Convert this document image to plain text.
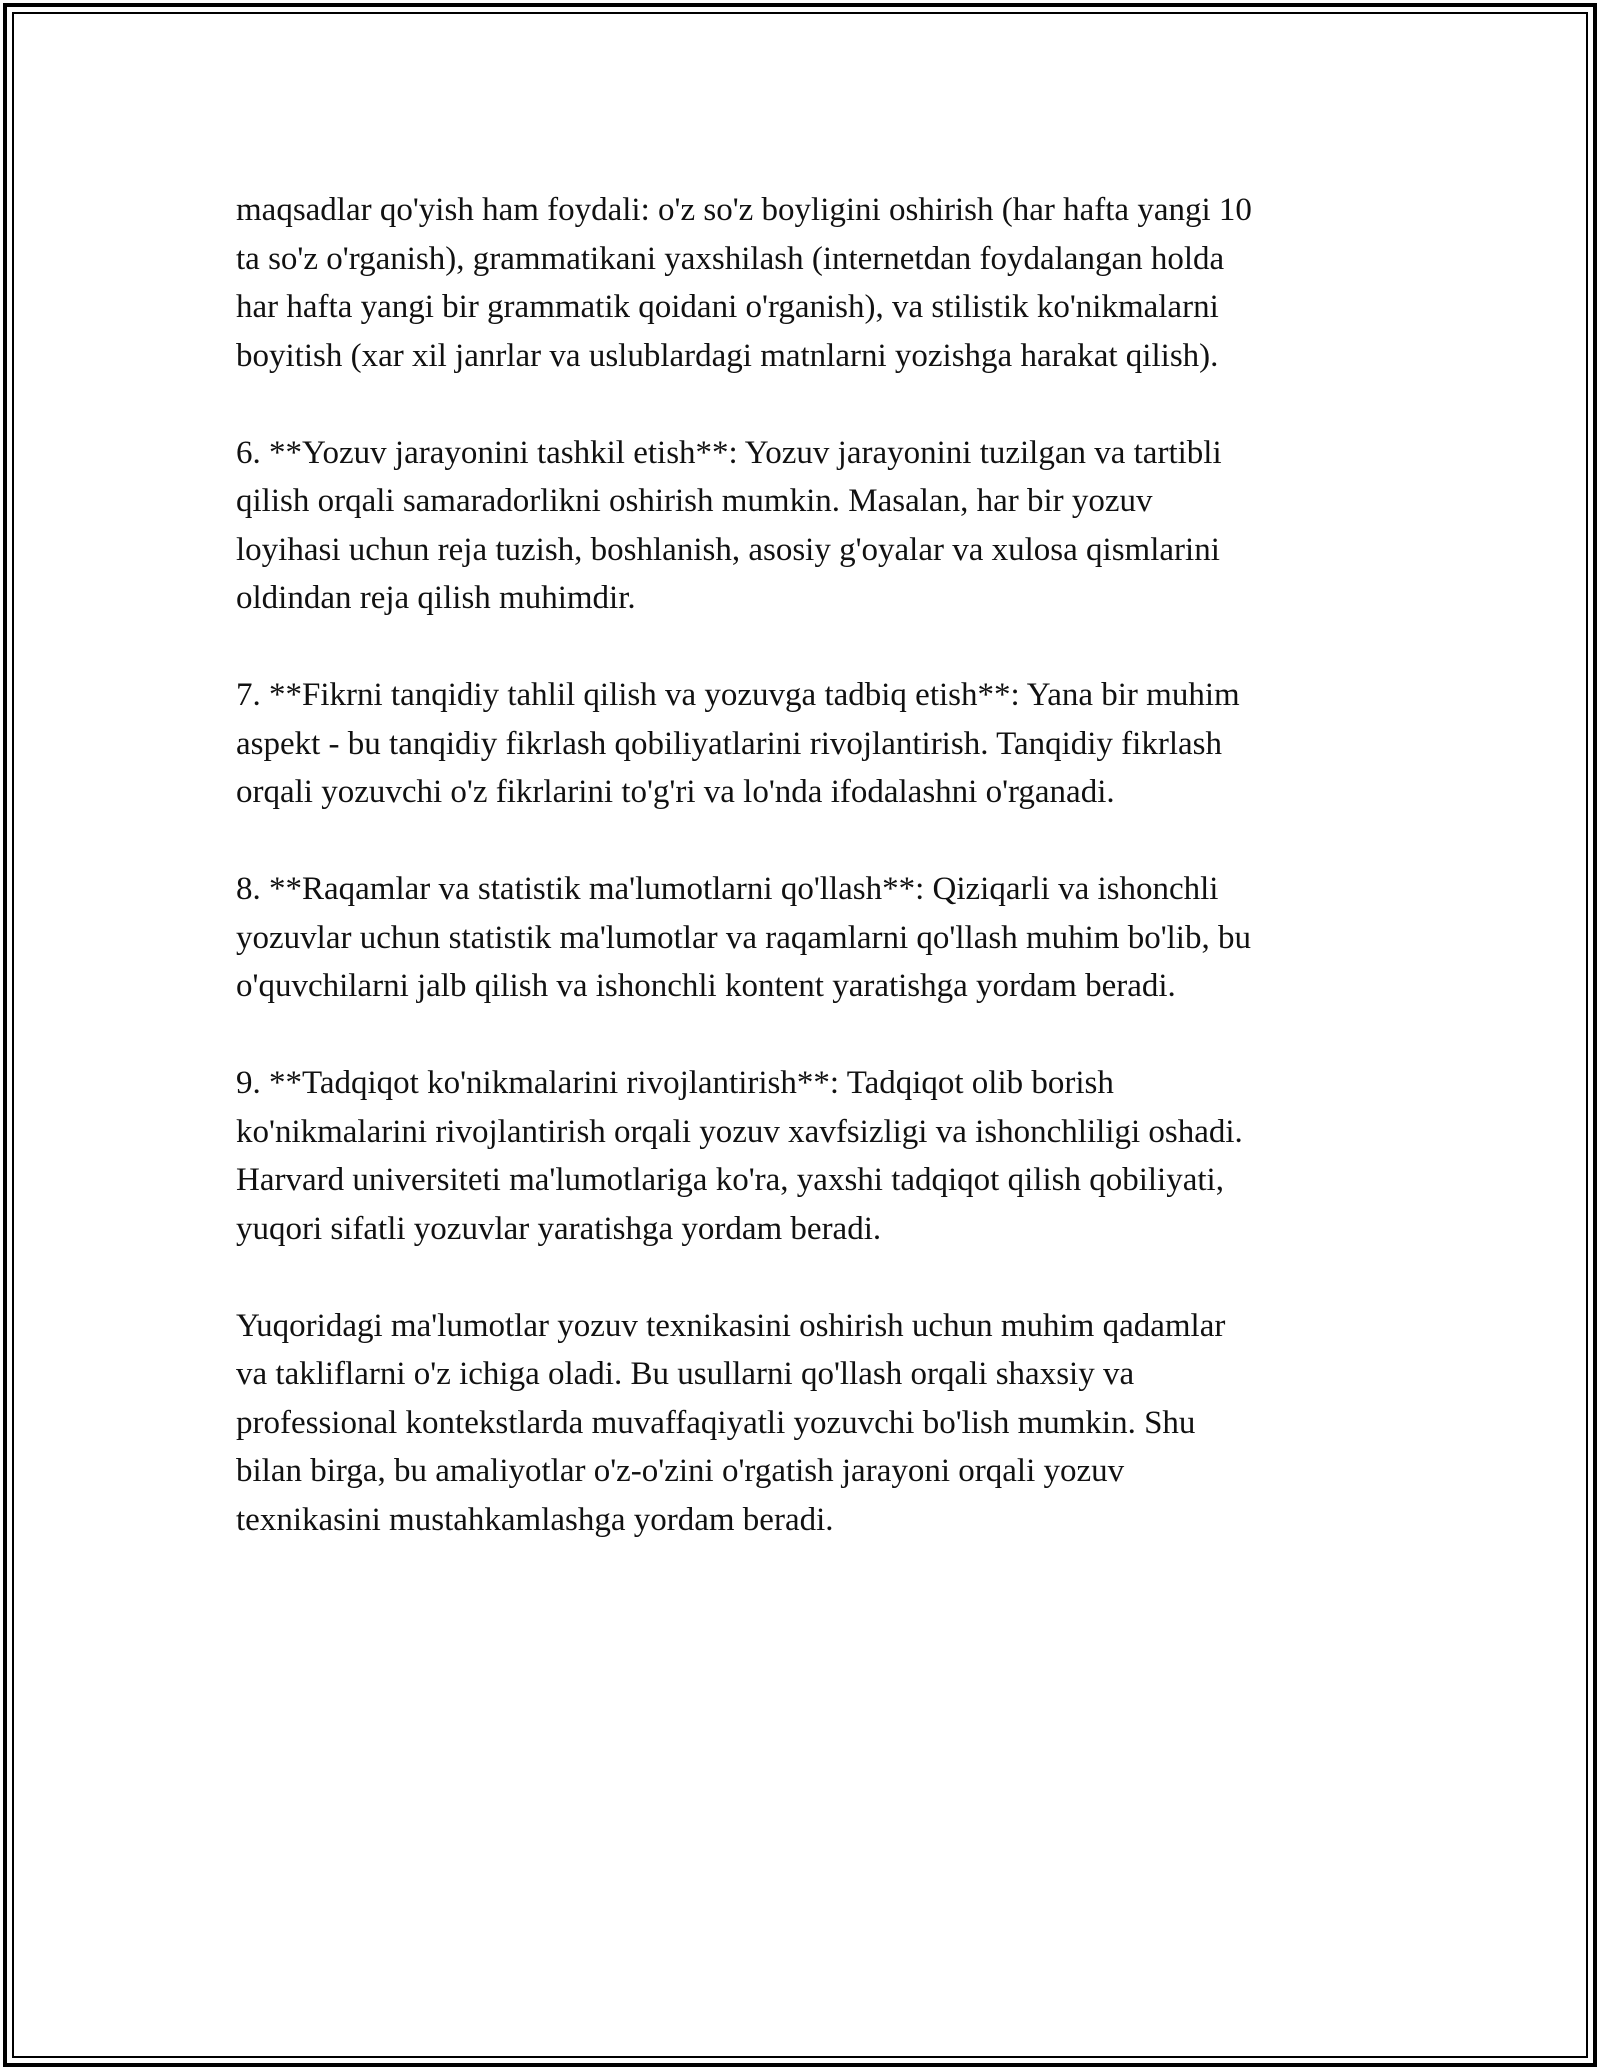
maqsadlar qo'yish ham foydali: o'z so'z boyligini oshirish (har hafta yangi 10
ta so'z o'rganish), grammatikani yaxshilash (internetdan foydalangan holda
har hafta yangi bir grammatik qoidani o'rganish), va stilistik ko'nikmalarni
boyitish (xar xil janrlar va uslublardagi matnlarni yozishga harakat qilish).

6. **Yozuv jarayonini tashkil etish**: Yozuv jarayonini tuzilgan va tartibli
qilish orqali samaradorlikni oshirish mumkin. Masalan, har bir yozuv
loyihasi uchun reja tuzish, boshlanish, asosiy g'oyalar va xulosa qismlarini
oldindan reja qilish muhimdir.

7. **Fikrni tanqidiy tahlil qilish va yozuvga tadbiq etish**: Yana bir muhim
aspekt - bu tanqidiy fikrlash qobiliyatlarini rivojlantirish. Tanqidiy fikrlash
orqali yozuvchi o'z fikrlarini to'g'ri va lo'nda ifodalashni o'rganadi.

8. **Raqamlar va statistik ma'lumotlarni qo'llash**: Qiziqarli va ishonchli
yozuvlar uchun statistik ma'lumotlar va raqamlarni qo'llash muhim bo'lib, bu
o'quvchilarni jalb qilish va ishonchli kontent yaratishga yordam beradi.

9. **Tadqiqot ko'nikmalarini rivojlantirish**: Tadqiqot olib borish
ko'nikmalarini rivojlantirish orqali yozuv xavfsizligi va ishonchliligi oshadi.
Harvard universiteti ma'lumotlariga ko'ra, yaxshi tadqiqot qilish qobiliyati,
yuqori sifatli yozuvlar yaratishga yordam beradi.

Yuqoridagi ma'lumotlar yozuv texnikasini oshirish uchun muhim qadamlar
va takliflarni o'z ichiga oladi. Bu usullarni qo'llash orqali shaxsiy va
professional kontekstlarda muvaffaqiyatli yozuvchi bo'lish mumkin. Shu
bilan birga, bu amaliyotlar o'z-o'zini o'rgatish jarayoni orqali yozuv
texnikasini mustahkamlashga yordam beradi.
